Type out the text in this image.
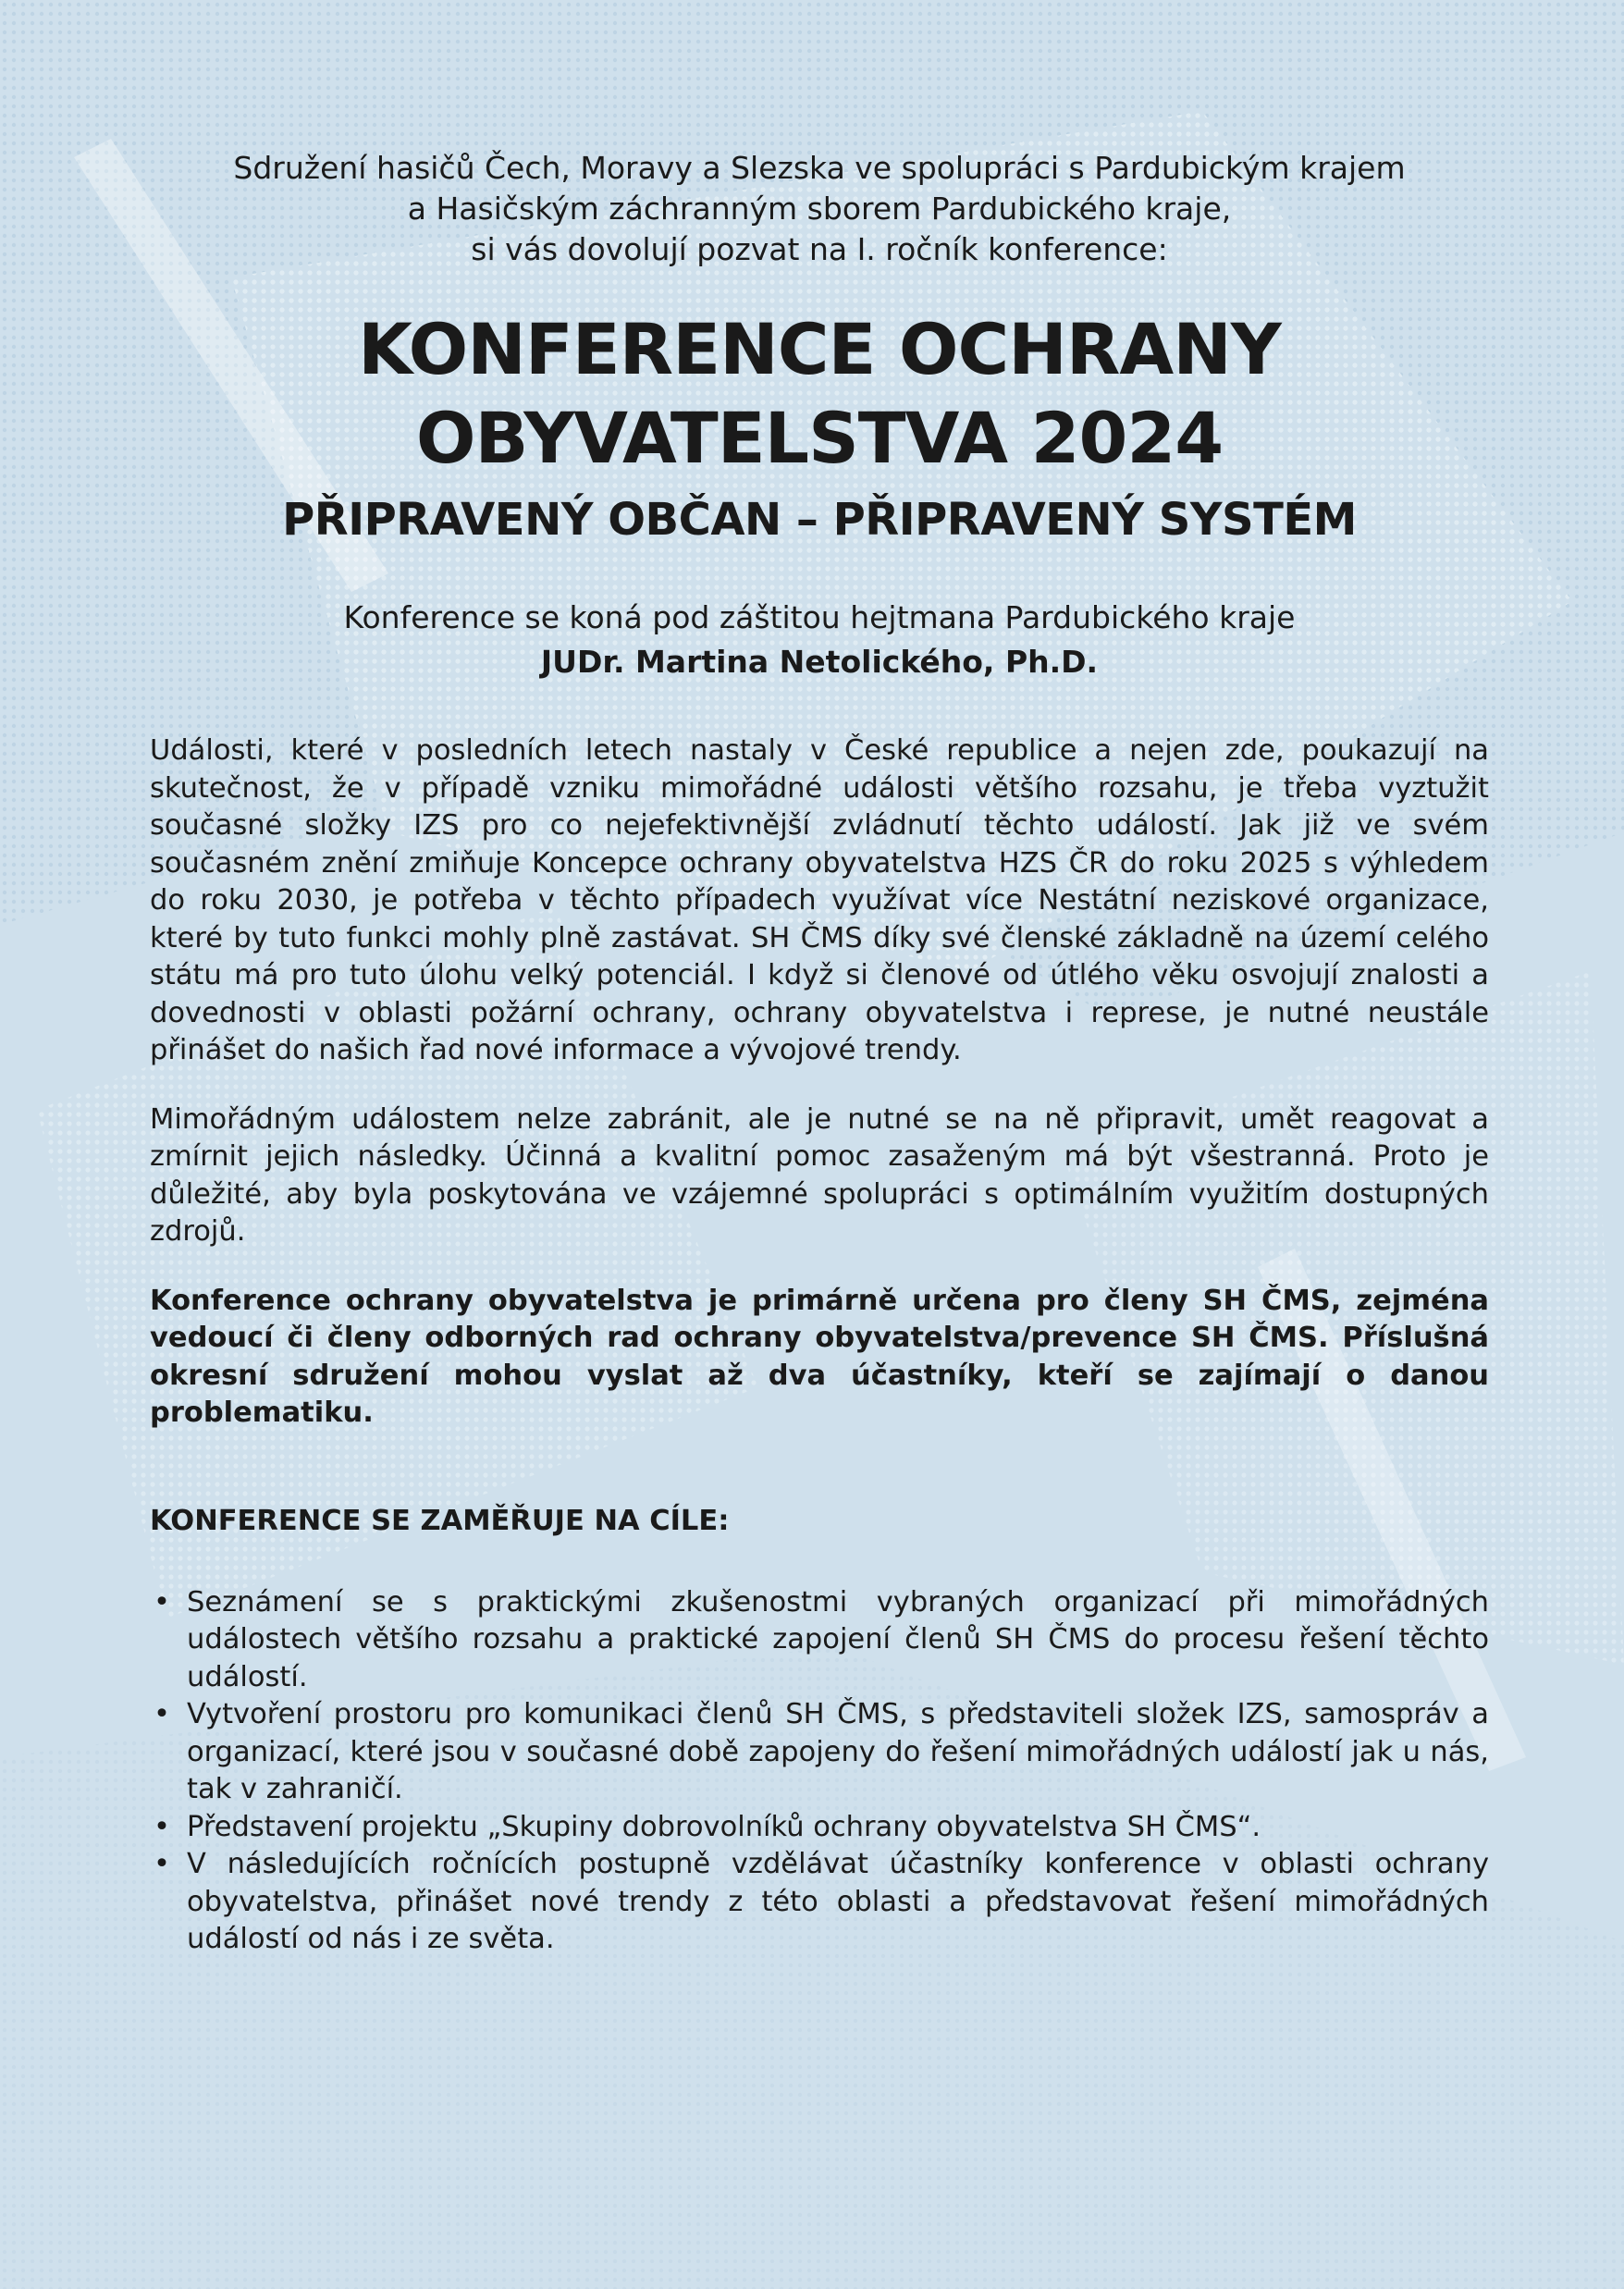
Sdružení hasičů Čech, Moravy a Slezska ve spolupráci s Pardubickým krajem
a Hasičským záchranným sborem Pardubického kraje,
si vás dovolují pozvat na I. ročník konference:

KONFERENCE OCHRANY
OBYVATELSTVA 2024
PŘIPRAVENÝ OBČAN – PŘIPRAVENÝ SYSTÉM

Konference se koná pod záštitou hejtmana Pardubického kraje
JUDr. Martina Netolického, Ph.D.

Události, které v posledních letech nastaly v České republice a nejen zde, poukazují na skutečnost, že v případě vzniku mimořádné události většího rozsahu, je třeba vyztužit současné složky IZS pro co nejefektivnější zvládnutí těchto událostí. Jak již ve svém současném znění zmiňuje Koncepce ochrany obyvatelstva HZS ČR do roku 2025 s výhledem do roku 2030, je potřeba v těchto případech využívat více Nestátní neziskové organizace, které by tuto funkci mohly plně zastávat. SH ČMS díky své členské základně na území celého státu má pro tuto úlohu velký potenciál. I když si členové od útlého věku osvojují znalosti a dovednosti v oblasti požární ochrany, ochrany obyvatelstva i represe, je nutné neustále přinášet do našich řad nové informace a vývojové trendy.

Mimořádným událostem nelze zabránit, ale je nutné se na ně připravit, umět reagovat a zmírnit jejich následky. Účinná a kvalitní pomoc zasaženým má být všestranná. Proto je důležité, aby byla poskytována ve vzájemné spolupráci s optimálním využitím dostupných zdrojů.

Konference ochrany obyvatelstva je primárně určena pro členy SH ČMS, zejména vedoucí či členy odborných rad ochrany obyvatelstva/prevence SH ČMS. Příslušná okresní sdružení mohou vyslat až dva účastníky, kteří se zajímají o danou problematiku.

KONFERENCE SE ZAMĚŘUJE NA CÍLE:
• Seznámení se s praktickými zkušenostmi vybraných organizací při mimořádných událostech většího rozsahu a praktické zapojení členů SH ČMS do procesu řešení těchto událostí.
• Vytvoření prostoru pro komunikaci členů SH ČMS, s představiteli složek IZS, samospráv a organizací, které jsou v současné době zapojeny do řešení mimořádných událostí jak u nás, tak v zahraničí.
• Představení projektu „Skupiny dobrovolníků ochrany obyvatelstva SH ČMS“.
• V následujících ročnících postupně vzdělávat účastníky konference v oblasti ochrany obyvatelstva, přinášet nové trendy z této oblasti a představovat řešení mimořádných událostí od nás i ze světa.
